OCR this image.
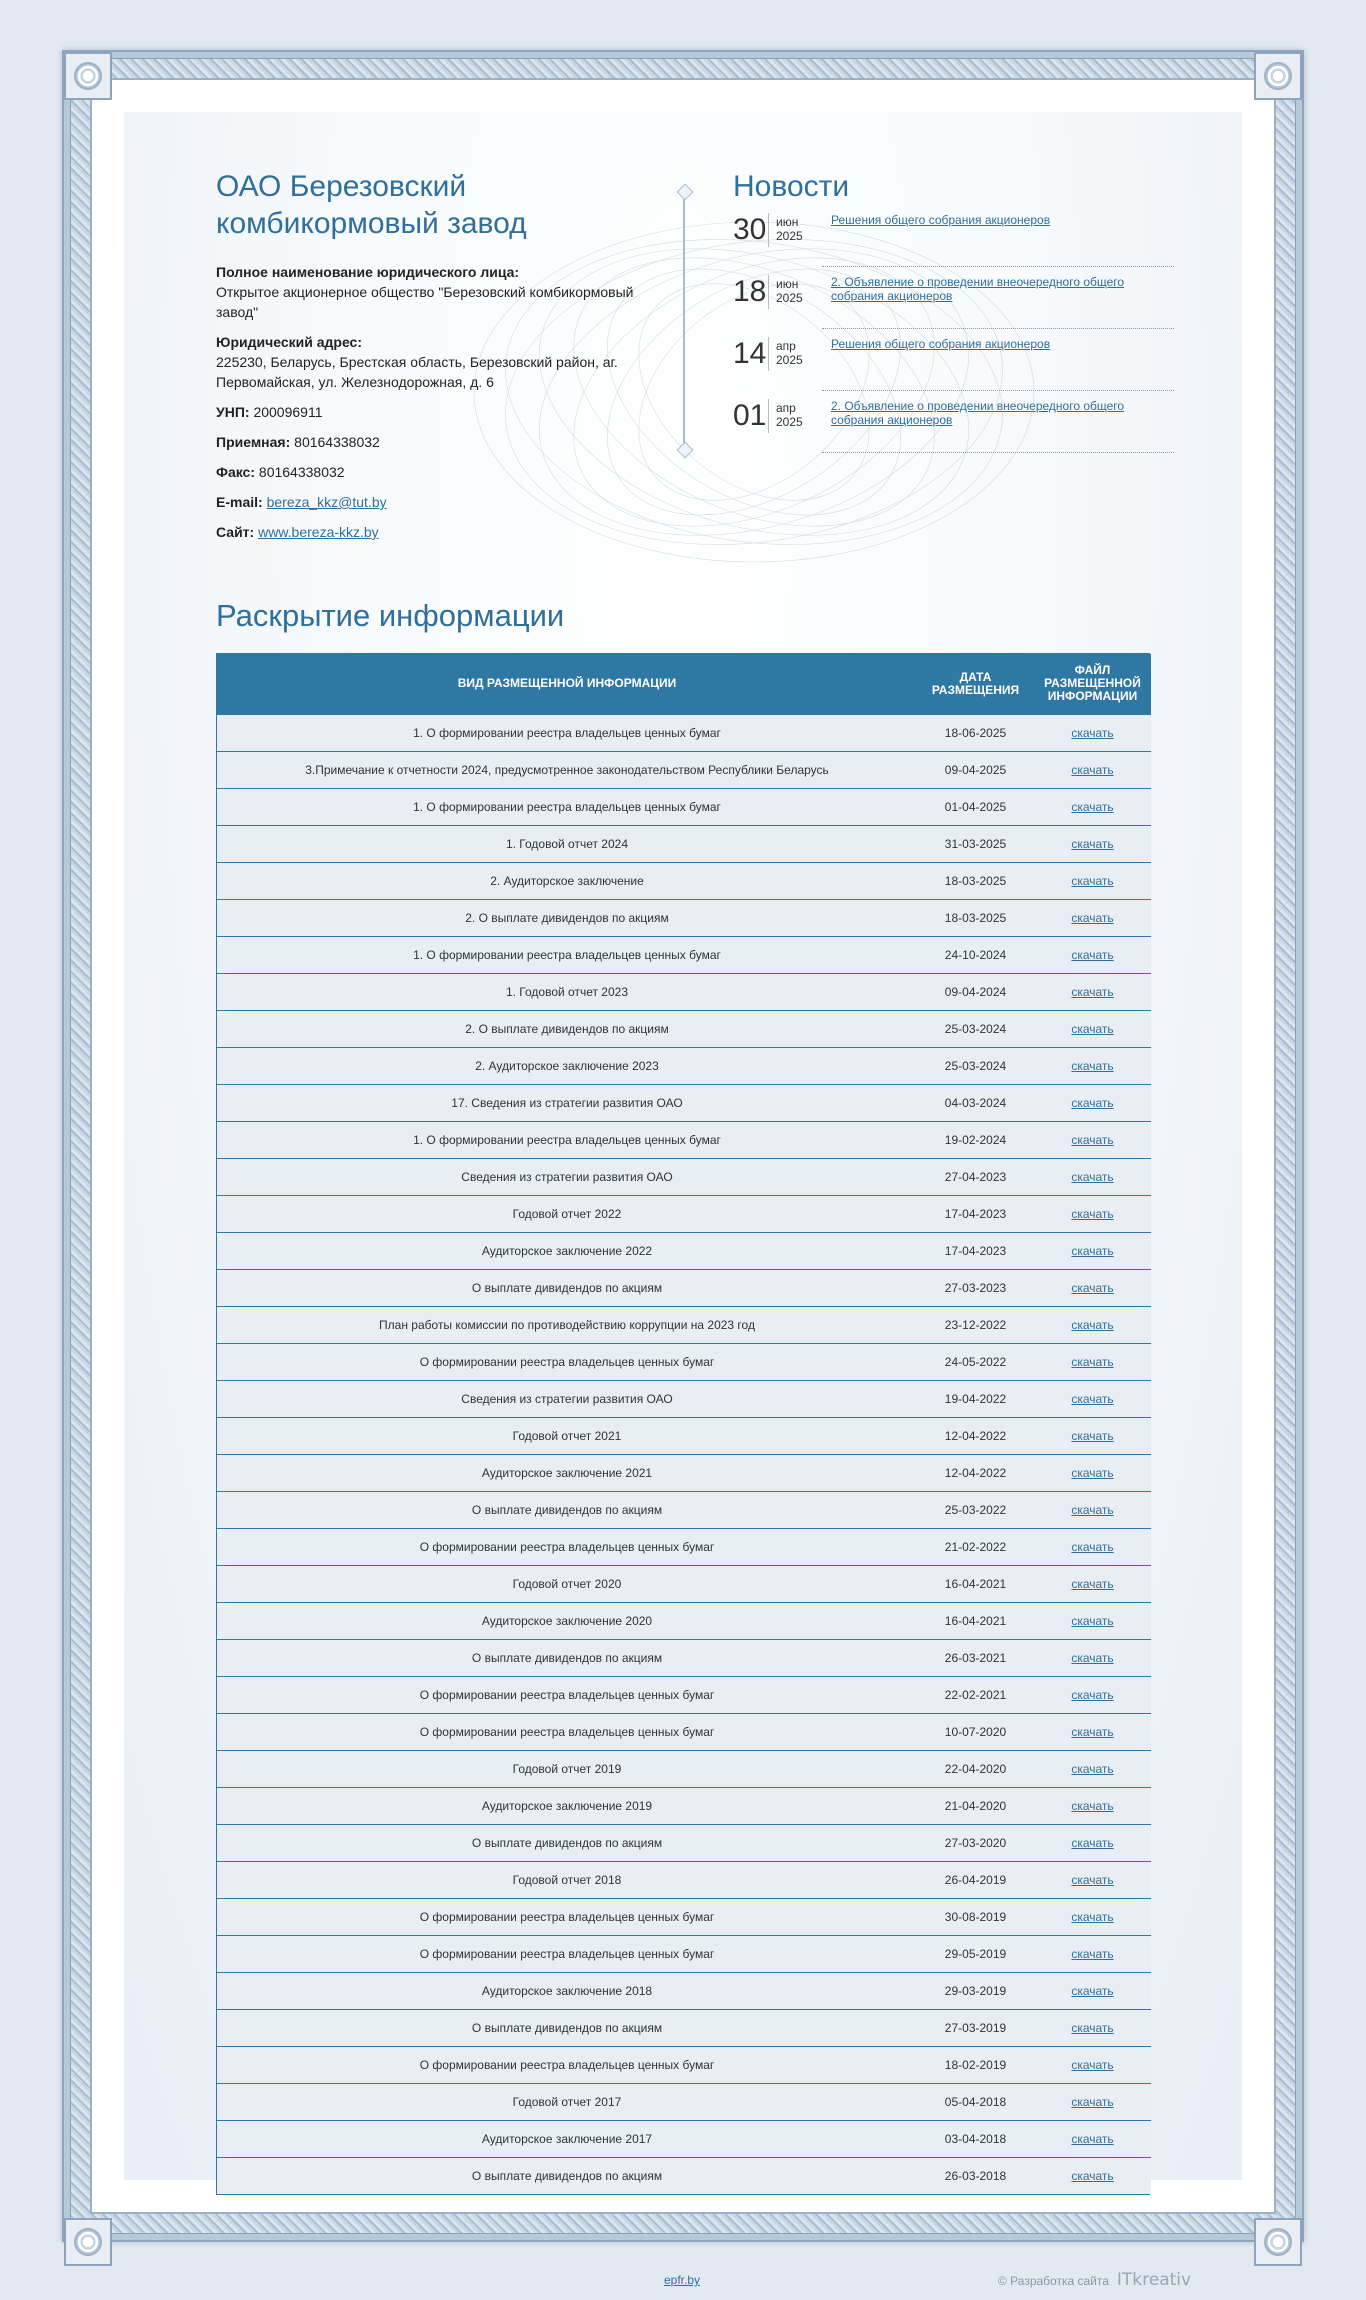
ОАО Березовский комбикормовый завод

Полное наименование юридического лица:
Открытое акционерное общество "Березовский комбикормовый завод"

Юридический адрес:
225230, Беларусь, Брестская область, Березовский район, аг. Первомайская, ул. Железнодорожная, д. 6

УНП: 200096911

Приемная: 80164338032

Факс: 80164338032

E-mail: bereza_kkz@tut.by

Сайт: www.bereza-kkz.by

Новости
30 июн
2025
Решения общего собрания акционеров
18 июн
2025
2. Объявление о проведении внеочередного общего собрания акционеров
14 апр
2025
Решения общего собрания акционеров
01 апр
2025
2. Объявление о проведении внеочередного общего собрания акционеров
Раскрытие информации
ВИД РАЗМЕЩЕННОЙ ИНФОРМАЦИИ	ДАТА РАЗМЕЩЕНИЯ	ФАЙЛ РАЗМЕЩЕННОЙ ИНФОРМАЦИИ
1. О формировании реестра владельцев ценных бумаг	18-06-2025	скачать
3.Примечание к отчетности 2024, предусмотренное законодательством Республики Беларусь	09-04-2025	скачать
1. О формировании реестра владельцев ценных бумаг	01-04-2025	скачать
1. Годовой отчет 2024	31-03-2025	скачать
2. Аудиторское заключение	18-03-2025	скачать
2. О выплате дивидендов по акциям	18-03-2025	скачать
1. О формировании реестра владельцев ценных бумаг	24-10-2024	скачать
1. Годовой отчет 2023	09-04-2024	скачать
2. О выплате дивидендов по акциям	25-03-2024	скачать
2. Аудиторское заключение 2023	25-03-2024	скачать
17. Сведения из стратегии развития ОАО	04-03-2024	скачать
1. О формировании реестра владельцев ценных бумаг	19-02-2024	скачать
Сведения из стратегии развития ОАО	27-04-2023	скачать
Годовой отчет 2022	17-04-2023	скачать
Аудиторское заключение 2022	17-04-2023	скачать
О выплате дивидендов по акциям	27-03-2023	скачать
План работы комиссии по противодействию коррупции на 2023 год	23-12-2022	скачать
О формировании реестра владельцев ценных бумаг	24-05-2022	скачать
Сведения из стратегии развития ОАО	19-04-2022	скачать
Годовой отчет 2021	12-04-2022	скачать
Аудиторское заключение 2021	12-04-2022	скачать
О выплате дивидендов по акциям	25-03-2022	скачать
О формировании реестра владельцев ценных бумаг	21-02-2022	скачать
Годовой отчет 2020	16-04-2021	скачать
Аудиторское заключение 2020	16-04-2021	скачать
О выплате дивидендов по акциям	26-03-2021	скачать
О формировании реестра владельцев ценных бумаг	22-02-2021	скачать
О формировании реестра владельцев ценных бумаг	10-07-2020	скачать
Годовой отчет 2019	22-04-2020	скачать
Аудиторское заключение 2019	21-04-2020	скачать
О выплате дивидендов по акциям	27-03-2020	скачать
Годовой отчет 2018	26-04-2019	скачать
О формировании реестра владельцев ценных бумаг	30-08-2019	скачать
О формировании реестра владельцев ценных бумаг	29-05-2019	скачать
Аудиторское заключение 2018	29-03-2019	скачать
О выплате дивидендов по акциям	27-03-2019	скачать
О формировании реестра владельцев ценных бумаг	18-02-2019	скачать
Годовой отчет 2017	05-04-2018	скачать
Аудиторское заключение 2017	03-04-2018	скачать
О выплате дивидендов по акциям	26-03-2018	скачать
epfr.by	© Разработка сайта ITkreativ
